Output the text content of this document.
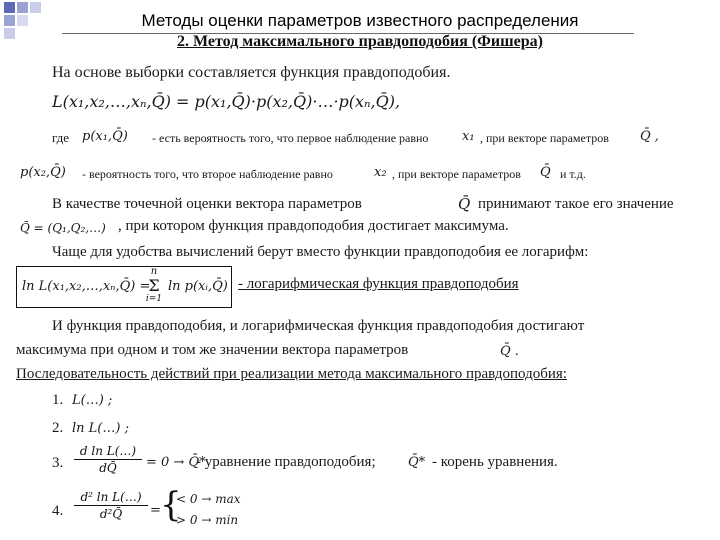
Методы оценки параметров известного распределения
2. Метод максимального правдоподобия (Фишера)
На основе выборки составляется функция правдоподобия.
L(x₁,x₂,…,xₙ,Q̄) = p(x₁,Q̄)·p(x₂,Q̄)·…·p(xₙ,Q̄),
где p(x₁,Q̄) - есть вероятность того, что первое наблюдение равно	x₁ , при векторе параметров Q̄ ,
p(x₂,Q̄) - вероятность того, что второе наблюдение равно	x₂ , при векторе параметров Q̄ и т.д.
В качестве точечной оценки вектора параметров	Q̄ принимают такое его значение
Q̄ = (Q₁,Q₂,…) , при котором функция правдоподобия достигает максимума.
Чаще для удобства вычислений берут вместо функции правдоподобия ее логарифм:
ln L(x₁,x₂,…,xₙ,Q̄) =
n
Σ
i=1
ln p(xᵢ,Q̄) - логарифмическая функция правдоподобия
И функция правдоподобия, и логарифмическая функция правдоподобия достигают
максимума при одном и том же значении вектора параметров	Q̄ .
Последовательность действий при реализации метода максимального правдоподобия:
1. L(…) ;
2. ln L(…) ;
3.
d ln L(…)
dQ̄	= 0 → Q̄*
- уравнение правдоподобия; Q̄* - корень уравнения.
4.
d² ln L(…)
d²Q̄	= {
< 0 → max
> 0 → min
